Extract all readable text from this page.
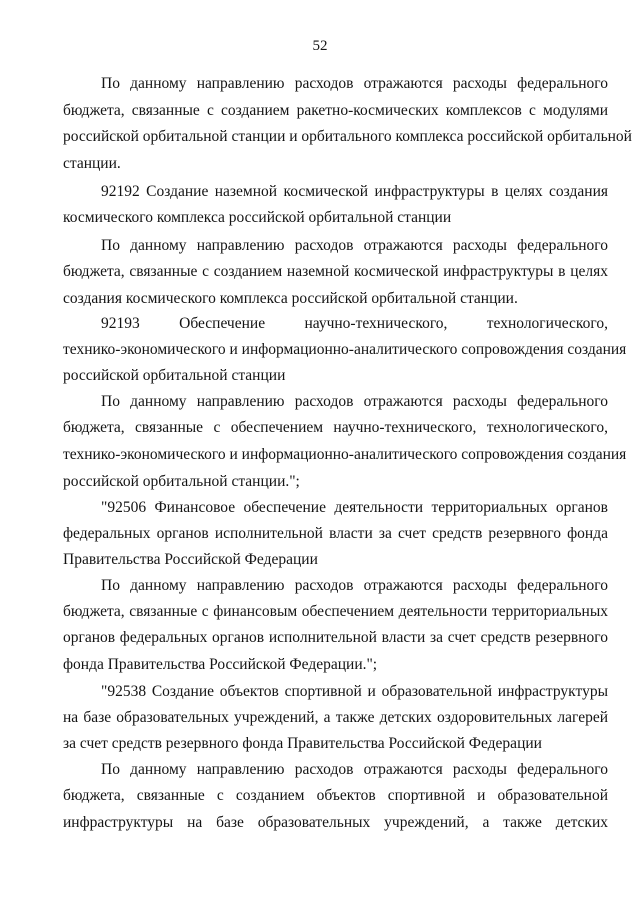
52
По данному направлению расходов отражаются расходы федерального
бюджета, связанные с созданием ракетно-космических комплексов с модулями
российской орбитальной станции и орбитального комплекса российской орбитальной
станции.
92192 Создание наземной космической инфраструктуры в целях создания
космического комплекса российской орбитальной станции
По данному направлению расходов отражаются расходы федерального
бюджета, связанные с созданием наземной космической инфраструктуры в целях
создания космического комплекса российской орбитальной станции.
92193 Обеспечение научно-технического, технологического,
технико-экономического и информационно-аналитического сопровождения создания
российской орбитальной станции
По данному направлению расходов отражаются расходы федерального
бюджета, связанные с обеспечением научно-технического, технологического,
технико-экономического и информационно-аналитического сопровождения создания
российской орбитальной станции.";
"92506 Финансовое обеспечение деятельности территориальных органов
федеральных органов исполнительной власти за счет средств резервного фонда
Правительства Российской Федерации
По данному направлению расходов отражаются расходы федерального
бюджета, связанные с финансовым обеспечением деятельности территориальных
органов федеральных органов исполнительной власти за счет средств резервного
фонда Правительства Российской Федерации.";
"92538 Создание объектов спортивной и образовательной инфраструктуры
на базе образовательных учреждений, а также детских оздоровительных лагерей
за счет средств резервного фонда Правительства Российской Федерации
По данному направлению расходов отражаются расходы федерального
бюджета, связанные с созданием объектов спортивной и образовательной
инфраструктуры на базе образовательных учреждений, а также детских
